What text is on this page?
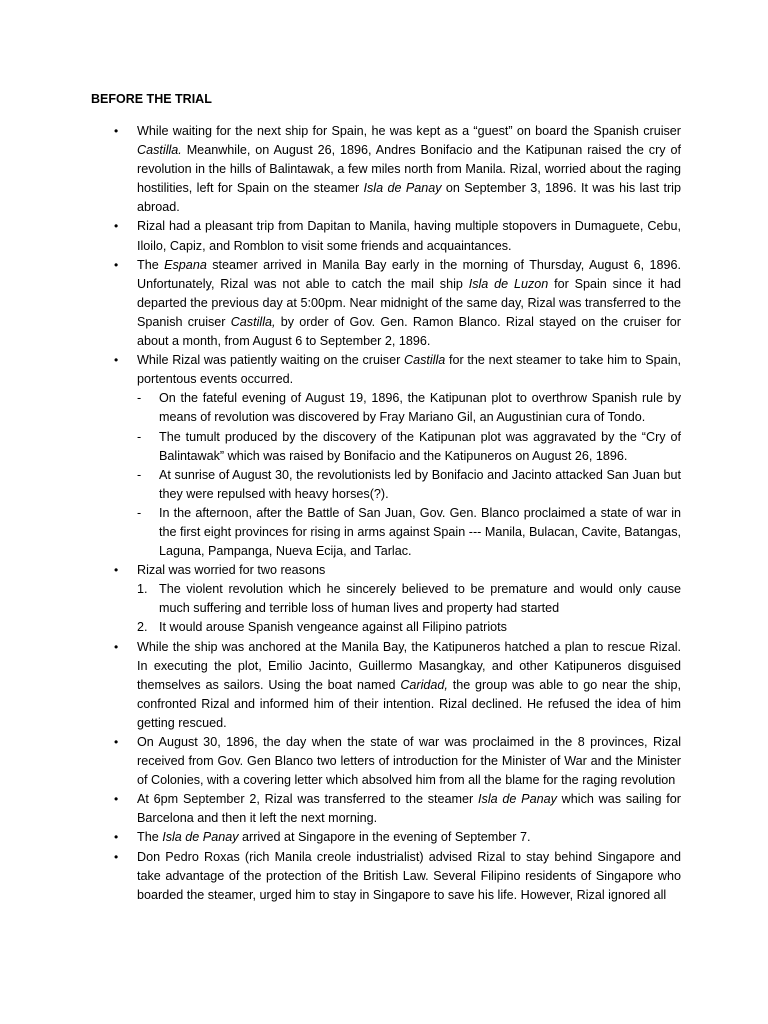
BEFORE THE TRIAL
• While waiting for the next ship for Spain, he was kept as a “guest” on board the Spanish cruiser Castilla. Meanwhile, on August 26, 1896, Andres Bonifacio and the Katipunan raised the cry of revolution in the hills of Balintawak, a few miles north from Manila. Rizal, worried about the raging hostilities, left for Spain on the steamer Isla de Panay on September 3, 1896. It was his last trip abroad.
• Rizal had a pleasant trip from Dapitan to Manila, having multiple stopovers in Dumaguete, Cebu, Iloilo, Capiz, and Romblon to visit some friends and acquaintances.
• The Espana steamer arrived in Manila Bay early in the morning of Thursday, August 6, 1896. Unfortunately, Rizal was not able to catch the mail ship Isla de Luzon for Spain since it had departed the previous day at 5:00pm. Near midnight of the same day, Rizal was transferred to the Spanish cruiser Castilla, by order of Gov. Gen. Ramon Blanco. Rizal stayed on the cruiser for about a month, from August 6 to September 2, 1896.
• While Rizal was patiently waiting on the cruiser Castilla for the next steamer to take him to Spain, portentous events occurred.
- On the fateful evening of August 19, 1896, the Katipunan plot to overthrow Spanish rule by means of revolution was discovered by Fray Mariano Gil, an Augustinian cura of Tondo.
- The tumult produced by the discovery of the Katipunan plot was aggravated by the “Cry of Balintawak” which was raised by Bonifacio and the Katipuneros on August 26, 1896.
- At sunrise of August 30, the revolutionists led by Bonifacio and Jacinto attacked San Juan but they were repulsed with heavy horses(?).
- In the afternoon, after the Battle of San Juan, Gov. Gen. Blanco proclaimed a state of war in the first eight provinces for rising in arms against Spain --- Manila, Bulacan, Cavite, Batangas, Laguna, Pampanga, Nueva Ecija, and Tarlac.
• Rizal was worried for two reasons
1. The violent revolution which he sincerely believed to be premature and would only cause much suffering and terrible loss of human lives and property had started
2. It would arouse Spanish vengeance against all Filipino patriots
• While the ship was anchored at the Manila Bay, the Katipuneros hatched a plan to rescue Rizal. In executing the plot, Emilio Jacinto, Guillermo Masangkay, and other Katipuneros disguised themselves as sailors. Using the boat named Caridad, the group was able to go near the ship, confronted Rizal and informed him of their intention. Rizal declined. He refused the idea of him getting rescued.
• On August 30, 1896, the day when the state of war was proclaimed in the 8 provinces, Rizal received from Gov. Gen Blanco two letters of introduction for the Minister of War and the Minister of Colonies, with a covering letter which absolved him from all the blame for the raging revolution
• At 6pm September 2, Rizal was transferred to the steamer Isla de Panay which was sailing for Barcelona and then it left the next morning.
• The Isla de Panay arrived at Singapore in the evening of September 7.
• Don Pedro Roxas (rich Manila creole industrialist) advised Rizal to stay behind Singapore and take advantage of the protection of the British Law. Several Filipino residents of Singapore who boarded the steamer, urged him to stay in Singapore to save his life. However, Rizal ignored all
